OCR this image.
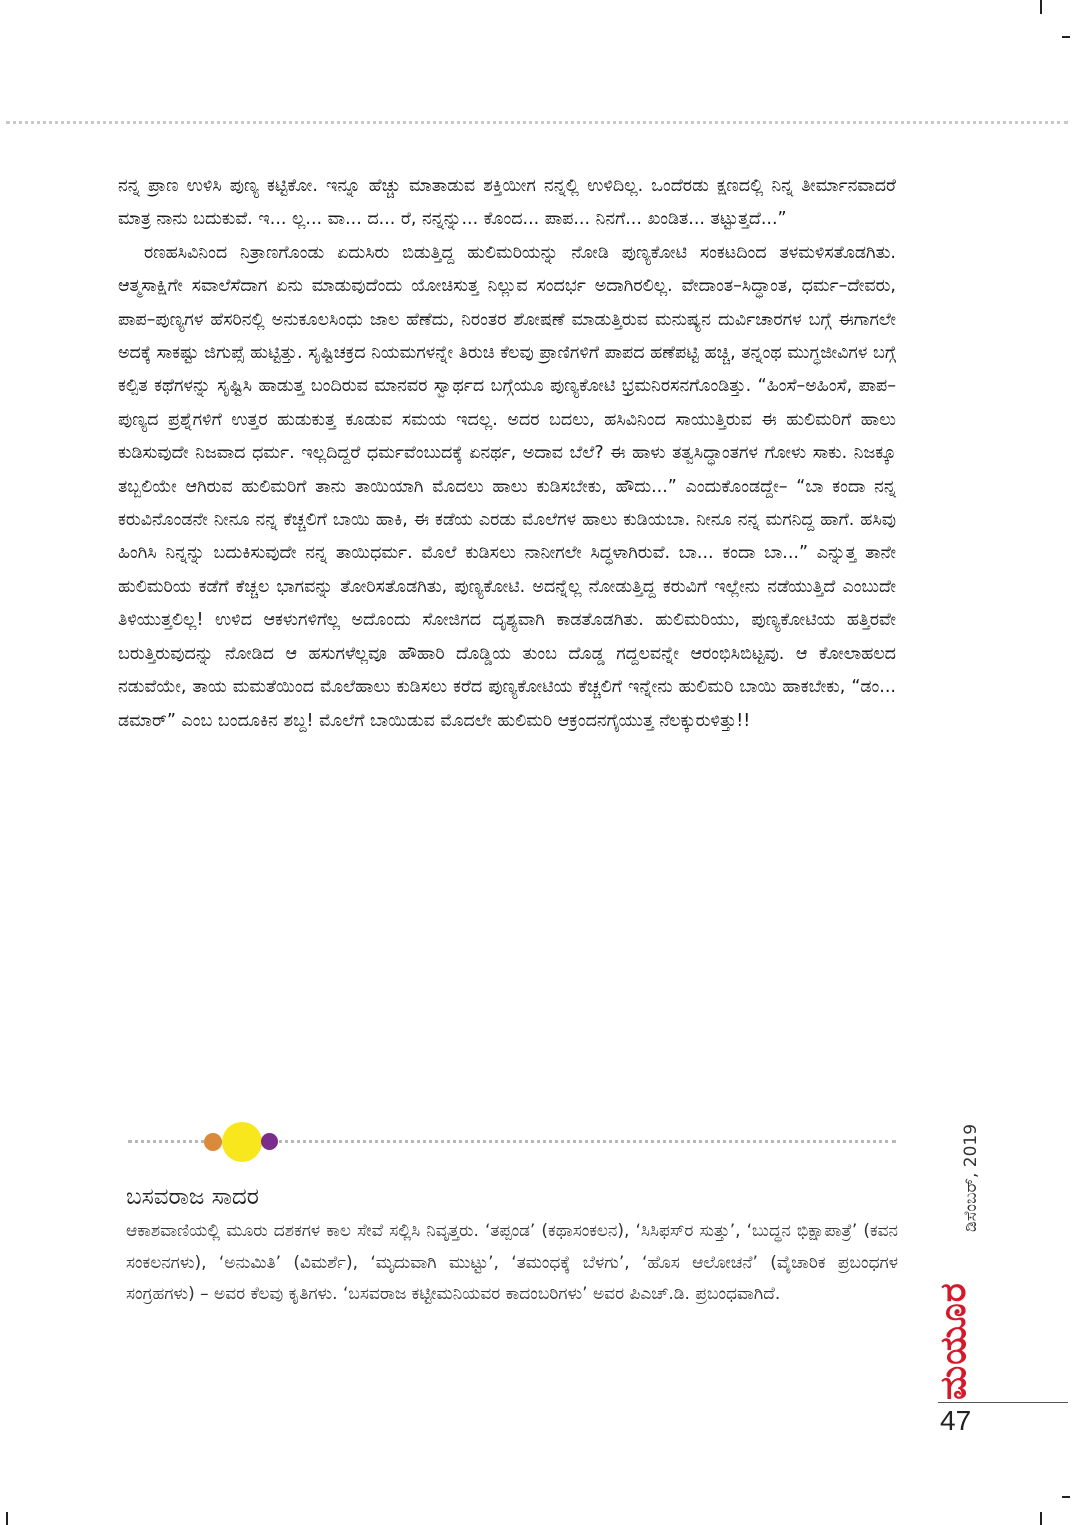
ನನ್ನ ಪ್ರಾಣ ಉಳಿಸಿ ಪುಣ್ಯ ಕಟ್ಟಿಕೋ. ಇನ್ನೂ ಹೆಚ್ಚು ಮಾತಾಡುವ ಶಕ್ತಿಯೀಗ ನನ್ನಲ್ಲಿ ಉಳಿದಿಲ್ಲ. ಒಂದೆರಡು ಕ್ಷಣದಲ್ಲಿ ನಿನ್ನ ತೀರ್ಮಾನವಾದರೆ ಮಾತ್ರ ನಾನು ಬದುಕುವೆ. ಇ... ಲ್ಲ... ವಾ... ದ... ರೆ, ನನ್ನನ್ನು... ಕೊಂದ... ಪಾಪ... ನಿನಗೆ... ಖಂಡಿತ... ತಟ್ಟುತ್ತದೆ...”

ರಣಹಸಿವಿನಿಂದ ನಿತ್ರಾಣಗೊಂಡು ಏದುಸಿರು ಬಿಡುತ್ತಿದ್ದ ಹುಲಿಮರಿಯನ್ನು ನೋಡಿ ಪುಣ್ಯಕೋಟಿ ಸಂಕಟದಿಂದ ತಳಮಳಿಸತೊಡಗಿತು. ಆತ್ಮಸಾಕ್ಷಿಗೇ ಸವಾಲೆಸೆದಾಗ ಏನು ಮಾಡುವುದೆಂದು ಯೋಚಿಸುತ್ತ ನಿಲ್ಲುವ ಸಂದರ್ಭ ಅದಾಗಿರಲಿಲ್ಲ. ವೇದಾಂತ–ಸಿದ್ಧಾಂತ, ಧರ್ಮ–ದೇವರು, ಪಾಪ–ಪುಣ್ಯಗಳ ಹೆಸರಿನಲ್ಲಿ ಅನುಕೂಲಸಿಂಧು ಜಾಲ ಹೆಣೆದು, ನಿರಂತರ ಶೋಷಣೆ ಮಾಡುತ್ತಿರುವ ಮನುಷ್ಯನ ದುರ್ವಿಚಾರಗಳ ಬಗ್ಗೆ ಈಗಾಗಲೇ ಅದಕ್ಕೆ ಸಾಕಷ್ಟು ಜಿಗುಪ್ಸೆ ಹುಟ್ಟಿತ್ತು. ಸೃಷ್ಟಿಚಕ್ರದ ನಿಯಮಗಳನ್ನೇ ತಿರುಚಿ ಕೆಲವು ಪ್ರಾಣಿಗಳಿಗೆ ಪಾಪದ ಹಣೆಪಟ್ಟಿ ಹಚ್ಚಿ, ತನ್ನಂಥ ಮುಗ್ಧಜೀವಿಗಳ ಬಗ್ಗೆ ಕಲ್ಪಿತ ಕಥೆಗಳನ್ನು ಸೃಷ್ಟಿಸಿ ಹಾಡುತ್ತ ಬಂದಿರುವ ಮಾನವರ ಸ್ವಾರ್ಥದ ಬಗ್ಗೆಯೂ ಪುಣ್ಯಕೋಟಿ ಭ್ರಮನಿರಸನಗೊಂಡಿತ್ತು. “ಹಿಂಸೆ–ಅಹಿಂಸೆ, ಪಾಪ–ಪುಣ್ಯದ ಪ್ರಶ್ನೆಗಳಿಗೆ ಉತ್ತರ ಹುಡುಕುತ್ತ ಕೂಡುವ ಸಮಯ ಇದಲ್ಲ. ಅದರ ಬದಲು, ಹಸಿವಿನಿಂದ ಸಾಯುತ್ತಿರುವ ಈ ಹುಲಿಮರಿಗೆ ಹಾಲು ಕುಡಿಸುವುದೇ ನಿಜವಾದ ಧರ್ಮ. ಇಲ್ಲದಿದ್ದರೆ ಧರ್ಮವೆಂಬುದಕ್ಕೆ ಏನರ್ಥ, ಅದಾವ ಬೆಲೆ? ಈ ಹಾಳು ತತ್ವಸಿದ್ಧಾಂತಗಳ ಗೋಳು ಸಾಕು. ನಿಜಕ್ಕೂ ತಬ್ಬಲಿಯೇ ಆಗಿರುವ ಹುಲಿಮರಿಗೆ ತಾನು ತಾಯಿಯಾಗಿ ಮೊದಲು ಹಾಲು ಕುಡಿಸಬೇಕು, ಹೌದು...” ಎಂದುಕೊಂಡದ್ದೇ– “ಬಾ ಕಂದಾ ನನ್ನ ಕರುವಿನೊಂಡನೇ ನೀನೂ ನನ್ನ ಕೆಚ್ಚಲಿಗೆ ಬಾಯಿ ಹಾಕಿ, ಈ ಕಡೆಯ ಎರಡು ಮೊಲೆಗಳ ಹಾಲು ಕುಡಿಯಬಾ. ನೀನೂ ನನ್ನ ಮಗನಿದ್ದ ಹಾಗೆ. ಹಸಿವು ಹಿಂಗಿಸಿ ನಿನ್ನನ್ನು ಬದುಕಿಸುವುದೇ ನನ್ನ ತಾಯಿಧರ್ಮ. ಮೊಲೆ ಕುಡಿಸಲು ನಾನೀಗಲೇ ಸಿದ್ಧಳಾಗಿರುವೆ. ಬಾ... ಕಂದಾ ಬಾ...” ಎನ್ನುತ್ತ ತಾನೇ ಹುಲಿಮರಿಯ ಕಡೆಗೆ ಕೆಚ್ಚಲ ಭಾಗವನ್ನು ತೋರಿಸತೊಡಗಿತು, ಪುಣ್ಯಕೋಟಿ. ಅದನ್ನೆಲ್ಲ ನೋಡುತ್ತಿದ್ದ ಕರುವಿಗೆ ಇಲ್ಲೇನು ನಡೆಯುತ್ತಿದೆ ಎಂಬುದೇ ತಿಳಿಯುತ್ತಲಿಲ್ಲ! ಉಳಿದ ಆಕಳುಗಳಿಗೆಲ್ಲ ಅದೊಂದು ಸೋಜಿಗದ ದೃಶ್ಯವಾಗಿ ಕಾಡತೊಡಗಿತು. ಹುಲಿಮರಿಯು, ಪುಣ್ಯಕೋಟಿಯ ಹತ್ತಿರವೇ ಬರುತ್ತಿರುವುದನ್ನು ನೋಡಿದ ಆ ಹಸುಗಳೆಲ್ಲವೂ ಹೌಹಾರಿ ದೊಡ್ಡಿಯ ತುಂಬ ದೊಡ್ಡ ಗದ್ದಲವನ್ನೇ ಆರಂಭಿಸಿಬಿಟ್ಟವು. ಆ ಕೋಲಾಹಲದ ನಡುವೆಯೇ, ತಾಯ ಮಮತೆಯಿಂದ ಮೊಲೆಹಾಲು ಕುಡಿಸಲು ಕರೆದ ಪುಣ್ಯಕೋಟಿಯ ಕೆಚ್ಚಲಿಗೆ ಇನ್ನೇನು ಹುಲಿಮರಿ ಬಾಯಿ ಹಾಕಬೇಕು, “ಡಂ... ಡಮಾರ್” ಎಂಬ ಬಂದೂಕಿನ ಶಬ್ದ! ಮೊಲೆಗೆ ಬಾಯಿಡುವ ಮೊದಲೇ ಹುಲಿಮರಿ ಆಕ್ರಂದನಗೈಯುತ್ತ ನೆಲಕ್ಕುರುಳಿತ್ತು!!

ಬಸವರಾಜ ಸಾದರ

ಆಕಾಶವಾಣಿಯಲ್ಲಿ ಮೂರು ದಶಕಗಳ ಕಾಲ ಸೇವೆ ಸಲ್ಲಿಸಿ ನಿವೃತ್ತರು. ‘ತಪ್ಪಂಡ’ (ಕಥಾಸಂಕಲನ), ‘ಸಿಸಿಫಸ್‌ರ ಸುತ್ತು’, ‘ಬುದ್ಧನ ಭಿಕ್ಷಾಪಾತ್ರೆ’ (ಕವನ ಸಂಕಲನಗಳು), ‘ಅನುಮಿತಿ’ (ವಿಮರ್ಶೆ), ‘ಮೃದುವಾಗಿ ಮುಟ್ಟು’, ‘ತಮಂಧಕ್ಕೆ ಬೆಳಗು’, ‘ಹೊಸ ಆಲೋಚನೆ’ (ವೈಚಾರಿಕ ಪ್ರಬಂಧಗಳ ಸಂಗ್ರಹಗಳು) – ಅವರ ಕೆಲವು ಕೃತಿಗಳು. ‘ಬಸವರಾಜ ಕಟ್ಟೀಮನಿಯವರ ಕಾದಂಬರಿಗಳು’ ಅವರ ಪಿಎಚ್.ಡಿ. ಪ್ರಬಂಧವಾಗಿದೆ.

ಡಿಸೆಂಬರ್, 2019
ಮಯೂರ
47
